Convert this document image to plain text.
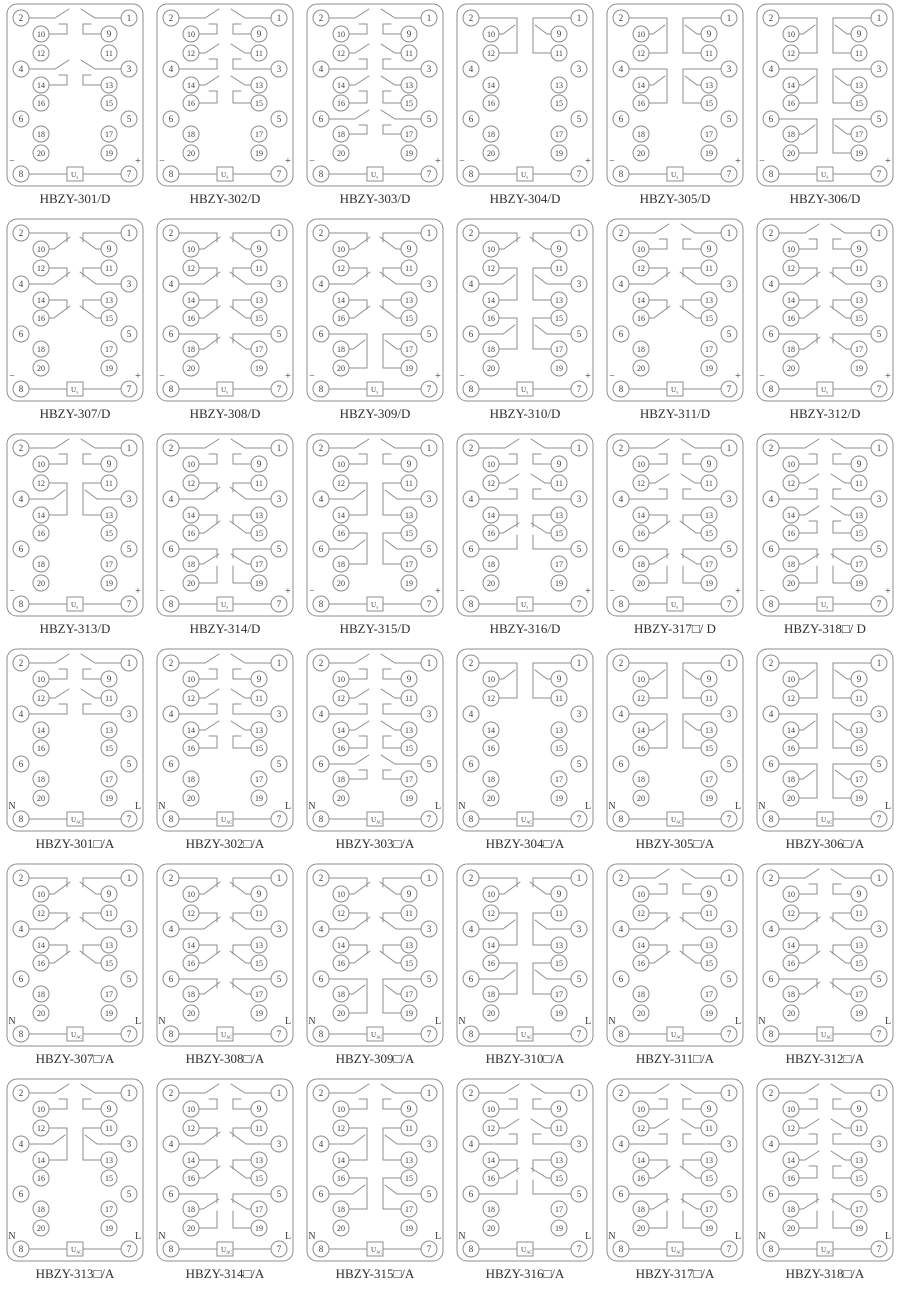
$U_x$
2
10
12
4
14
16
6
18
20
8
1
9
11
3
13
15
5
17
19
7
−	+
HBZY-301/D
$U_x$
2
10
12
4
14
16
6
18
20
8
1
9
11
3
13
15
5
17
19
7
−	+
HBZY-302/D
$U_x$
2
10
12
4
14
16
6
18
20
8
1
9
11
3
13
15
5
17
19
7
−	+
HBZY-303/D
$U_x$
2
10
12
4
14
16
6
18
20
8
1
9
11
3
13
15
5
17
19
7
−	+
HBZY-304/D
$U_x$
2
10
12
4
14
16
6
18
20
8
1
9
11
3
13
15
5
17
19
7
−	+
HBZY-305/D
$U_x$
2
10
12
4
14
16
6
18
20
8
1
9
11
3
13
15
5
17
19
7
−	+
HBZY-306/D
$U_x$
2
10
12
4
14
16
6
18
20
8
1
9
11
3
13
15
5
17
19
7
−	+
HBZY-307/D
$U_x$
2
10
12
4
14
16
6
18
20
8
1
9
11
3
13
15
5
17
19
7
−	+
HBZY-308/D
$U_x$
2
10
12
4
14
16
6
18
20
8
1
9
11
3
13
15
5
17
19
7
−	+
HBZY-309/D
$U_x$
2
10
12
4
14
16
6
18
20
8
1
9
11
3
13
15
5
17
19
7
−	+
HBZY-310/D
$U_x$
2
10
12
4
14
16
6
18
20
8
1
9
11
3
13
15
5
17
19
7
−	+
HBZY-311/D
$U_x$
2
10
12
4
14
16
6
18
20
8
1
9
11
3
13
15
5
17
19
7
−	+
HBZY-312/D
$U_x$
2
10
12
4
14
16
6
18
20
8
1
9
11
3
13
15
5
17
19
7
−	+
HBZY-313/D
$U_x$
2
10
12
4
14
16
6
18
20
8
1
9
11
3
13
15
5
17
19
7
−	+
HBZY-314/D
$U_x$
2
10
12
4
14
16
6
18
20
8
1
9
11
3
13
15
5
17
19
7
−	+
HBZY-315/D
$U_x$
2
10
12
4
14
16
6
18
20
8
1
9
11
3
13
15
5
17
19
7
−	+
HBZY-316/D
$U_x$
2
10
12
4
14
16
6
18
20
8
1
9
11
3
13
15
5
17
19
7
−	+
HBZY-317□/ D
$U_x$
2
10
12
4
14
16
6
18
20
8
1
9
11
3
13
15
5
17
19
7
−	+
HBZY-318□/ D
$U_{AC}$
2
10
12
4
14
16
6
18
20
8
1
9
11
3
13
15
5
17
19
7
N	L
HBZY-301□/A
$U_{AC}$
2
10
12
4
14
16
6
18
20
8
1
9
11
3
13
15
5
17
19
7
N	L
HBZY-302□/A
$U_{AC}$
2
10
12
4
14
16
6
18
20
8
1
9
11
3
13
15
5
17
19
7
N	L
HBZY-303□/A
$U_{AC}$
2
10
12
4
14
16
6
18
20
8
1
9
11
3
13
15
5
17
19
7
N	L
HBZY-304□/A
$U_{AC}$
2
10
12
4
14
16
6
18
20
8
1
9
11
3
13
15
5
17
19
7
N	L
HBZY-305□/A
$U_{AC}$
2
10
12
4
14
16
6
18
20
8
1
9
11
3
13
15
5
17
19
7
N	L
HBZY-306□/A
$U_{AC}$
2
10
12
4
14
16
6
18
20
8
1
9
11
3
13
15
5
17
19
7
N	L
HBZY-307□/A
$U_{AC}$
2
10
12
4
14
16
6
18
20
8
1
9
11
3
13
15
5
17
19
7
N	L
HBZY-308□/A
$U_{AC}$
2
10
12
4
14
16
6
18
20
8
1
9
11
3
13
15
5
17
19
7
N	L
HBZY-309□/A
$U_{AC}$
2
10
12
4
14
16
6
18
20
8
1
9
11
3
13
15
5
17
19
7
N	L
HBZY-310□/A
$U_{AC}$
2
10
12
4
14
16
6
18
20
8
1
9
11
3
13
15
5
17
19
7
N	L
HBZY-311□/A
$U_{AC}$
2
10
12
4
14
16
6
18
20
8
1
9
11
3
13
15
5
17
19
7
N	L
HBZY-312□/A
$U_{AC}$
2
10
12
4
14
16
6
18
20
8
1
9
11
3
13
15
5
17
19
7
N	L
HBZY-313□/A
$U_{AC}$
2
10
12
4
14
16
6
18
20
8
1
9
11
3
13
15
5
17
19
7
N	L
HBZY-314□/A
$U_{AC}$
2
10
12
4
14
16
6
18
20
8
1
9
11
3
13
15
5
17
19
7
N	L
HBZY-315□/A
$U_{AC}$
2
10
12
4
14
16
6
18
20
8
1
9
11
3
13
15
5
17
19
7
N	L
HBZY-316□/A
$U_{AC}$
2
10
12
4
14
16
6
18
20
8
1
9
11
3
13
15
5
17
19
7
N	L
HBZY-317□/A
$U_{AC}$
2
10
12
4
14
16
6
18
20
8
1
9
11
3
13
15
5
17
19
7
N	L
HBZY-318□/A
